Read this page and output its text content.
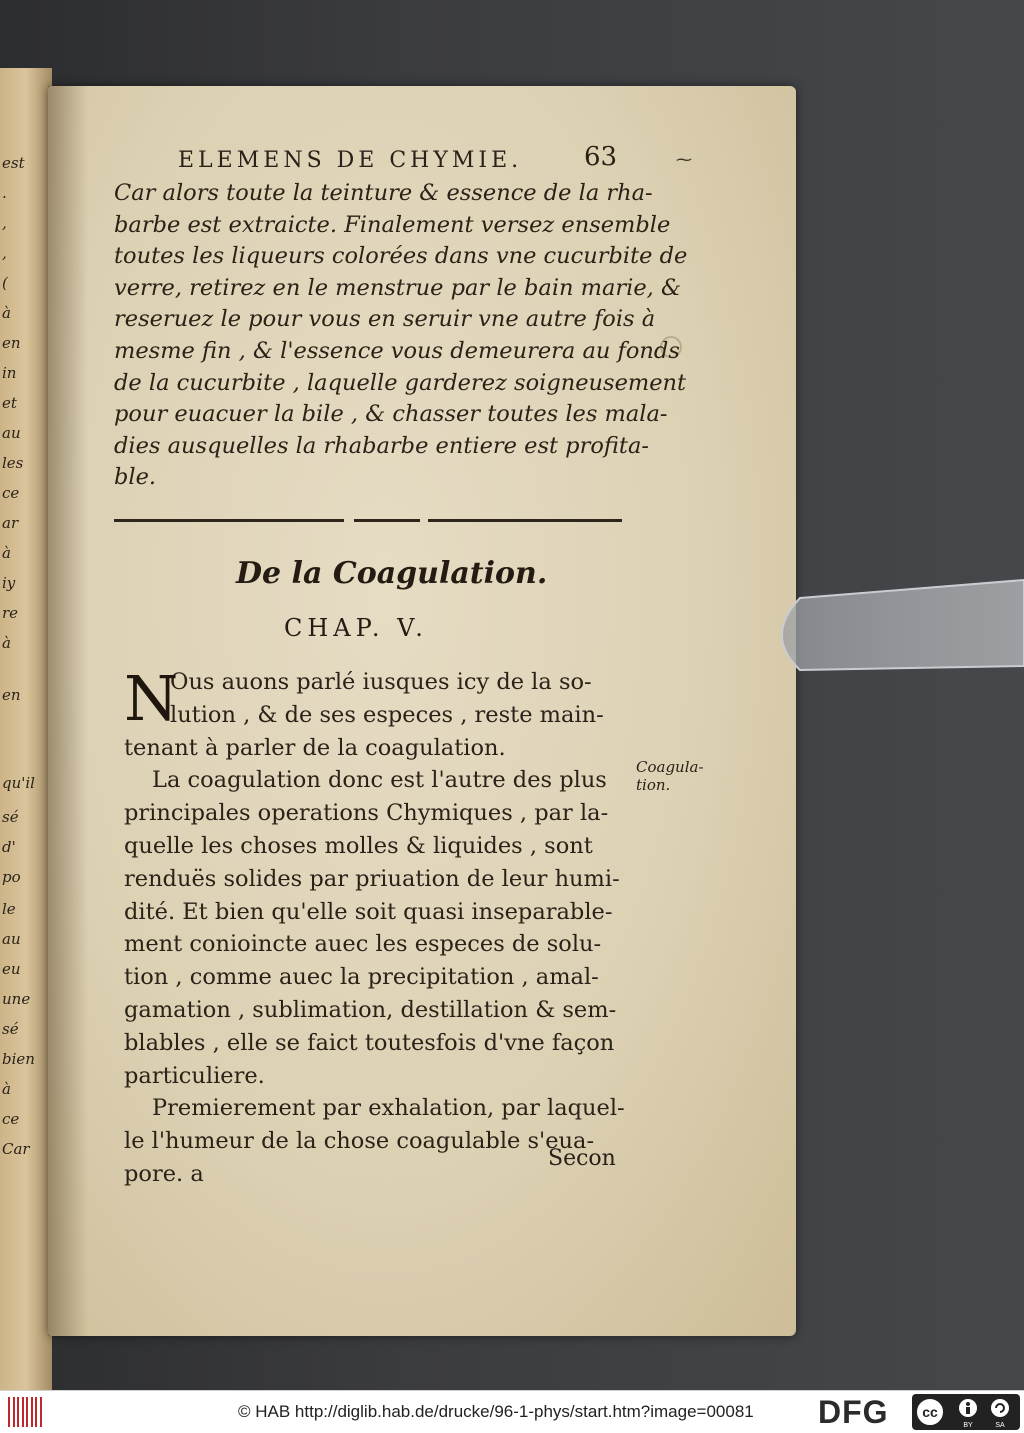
est
.
,
,
(
à
en
in
et
au
les
ce
ar
à
iy
re
à
en
qu'il
sé
d'
po
le
au
eu
une
sé
bien
à
ce
Car
ELEMENS DE CHYMIE.	63	⁓
Car alors toute la teinture & essence de la rha-
barbe est extraicte. Finalement versez ensemble
toutes les liqueurs colorées dans vne cucurbite de
verre, retirez en le menstrue par le bain marie, &
reseruez le pour vous en seruir vne autre fois à
mesme fin , & l'essence vous demeurera au fonds
de la cucurbite , laquelle garderez soigneusement
pour euacuer la bile , & chasser toutes les mala-
dies ausquelles la rhabarbe entiere est profita-
ble.
De la Coagulation.
CHAP. V.
N
Ous auons parlé iusques icy de la so-
lution , & de ses especes , reste main-
tenant à parler de la coagulation.
La coagulation donc est l'autre des plus
principales operations Chymiques , par la-
quelle les choses molles & liquides , sont
renduës solides par priuation de leur humi-
dité. Et bien qu'elle soit quasi inseparable-
ment conioincte auec les especes de solu-
tion , comme auec la precipitation , amal-
gamation , sublimation, destillation & sem-
blables , elle se faict toutesfois d'vne façon
particuliere.
Premierement par exhalation, par laquel-
le l'humeur de la chose coagulable s'eua-
pore. a
Coagula-
tion.
Secon
© HAB http://diglib.hab.de/drucke/96-1-phys/start.htm?image=00081 DFG cc
BY	SA
